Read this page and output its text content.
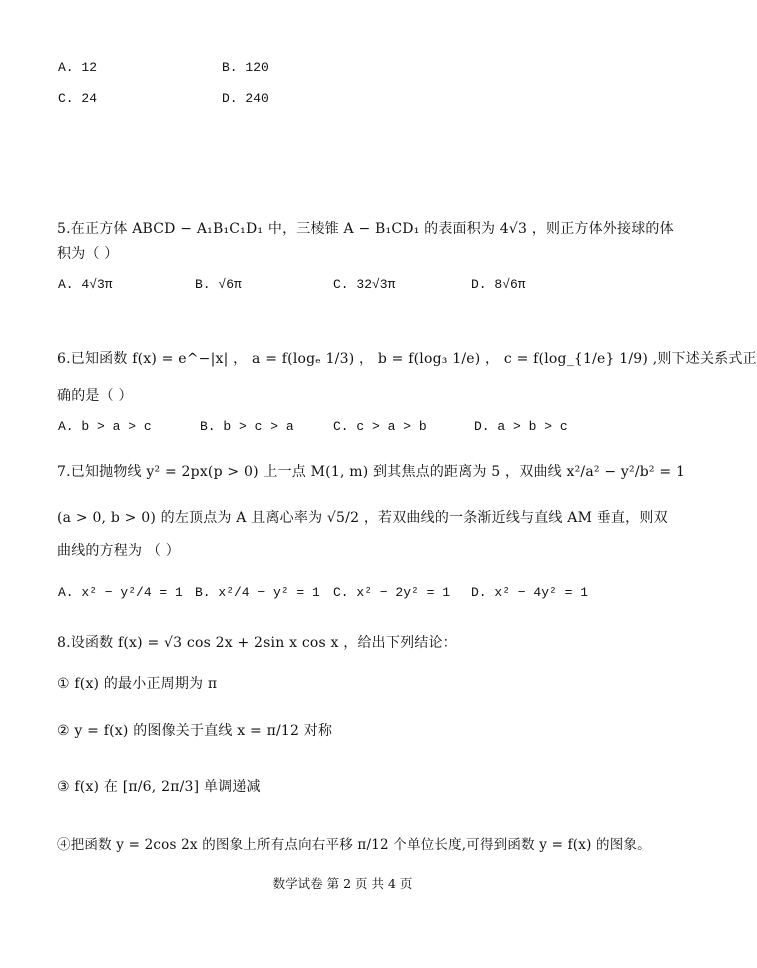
A. 12	B. 120
C. 24	D. 240
5.在正方体 ABCD − A₁B₁C₁D₁ 中，三棱锥 A − B₁CD₁ 的表面积为 4√3 ，则正方体外接球的体
积为（ ）
A. 4√3π	B. √6π	C. 32√3π	D. 8√6π
6.已知函数 f(x) = e^−|x| ， a = f(logₑ 1/3) ， b = f(log₃ 1/e) ， c = f(log_{1/e} 1/9) ,则下述关系式正
确的是（ ）
A. b > a > c	B. b > c > a	C. c > a > b	D. a > b > c
7.已知抛物线 y² = 2px(p > 0) 上一点 M(1, m) 到其焦点的距离为 5 ，双曲线 x²/a² − y²/b² = 1
(a > 0, b > 0) 的左顶点为 A 且离心率为 √5/2 ，若双曲线的一条渐近线与直线 AM 垂直，则双
曲线的方程为 （ ）
A. x² − y²/4 = 1 B. x²/4 − y² = 1 C. x² − 2y² = 1 D. x² − 4y² = 1
8.设函数 f(x) = √3 cos 2x + 2sin x cos x ，给出下列结论：
① f(x) 的最小正周期为 π
② y = f(x) 的图像关于直线 x = π/12 对称
③ f(x) 在 [π/6, 2π/3] 单调递减
④把函数 y = 2cos 2x 的图象上所有点向右平移 π/12 个单位长度,可得到函数 y = f(x) 的图象。
数学试卷 第 2 页 共 4 页
